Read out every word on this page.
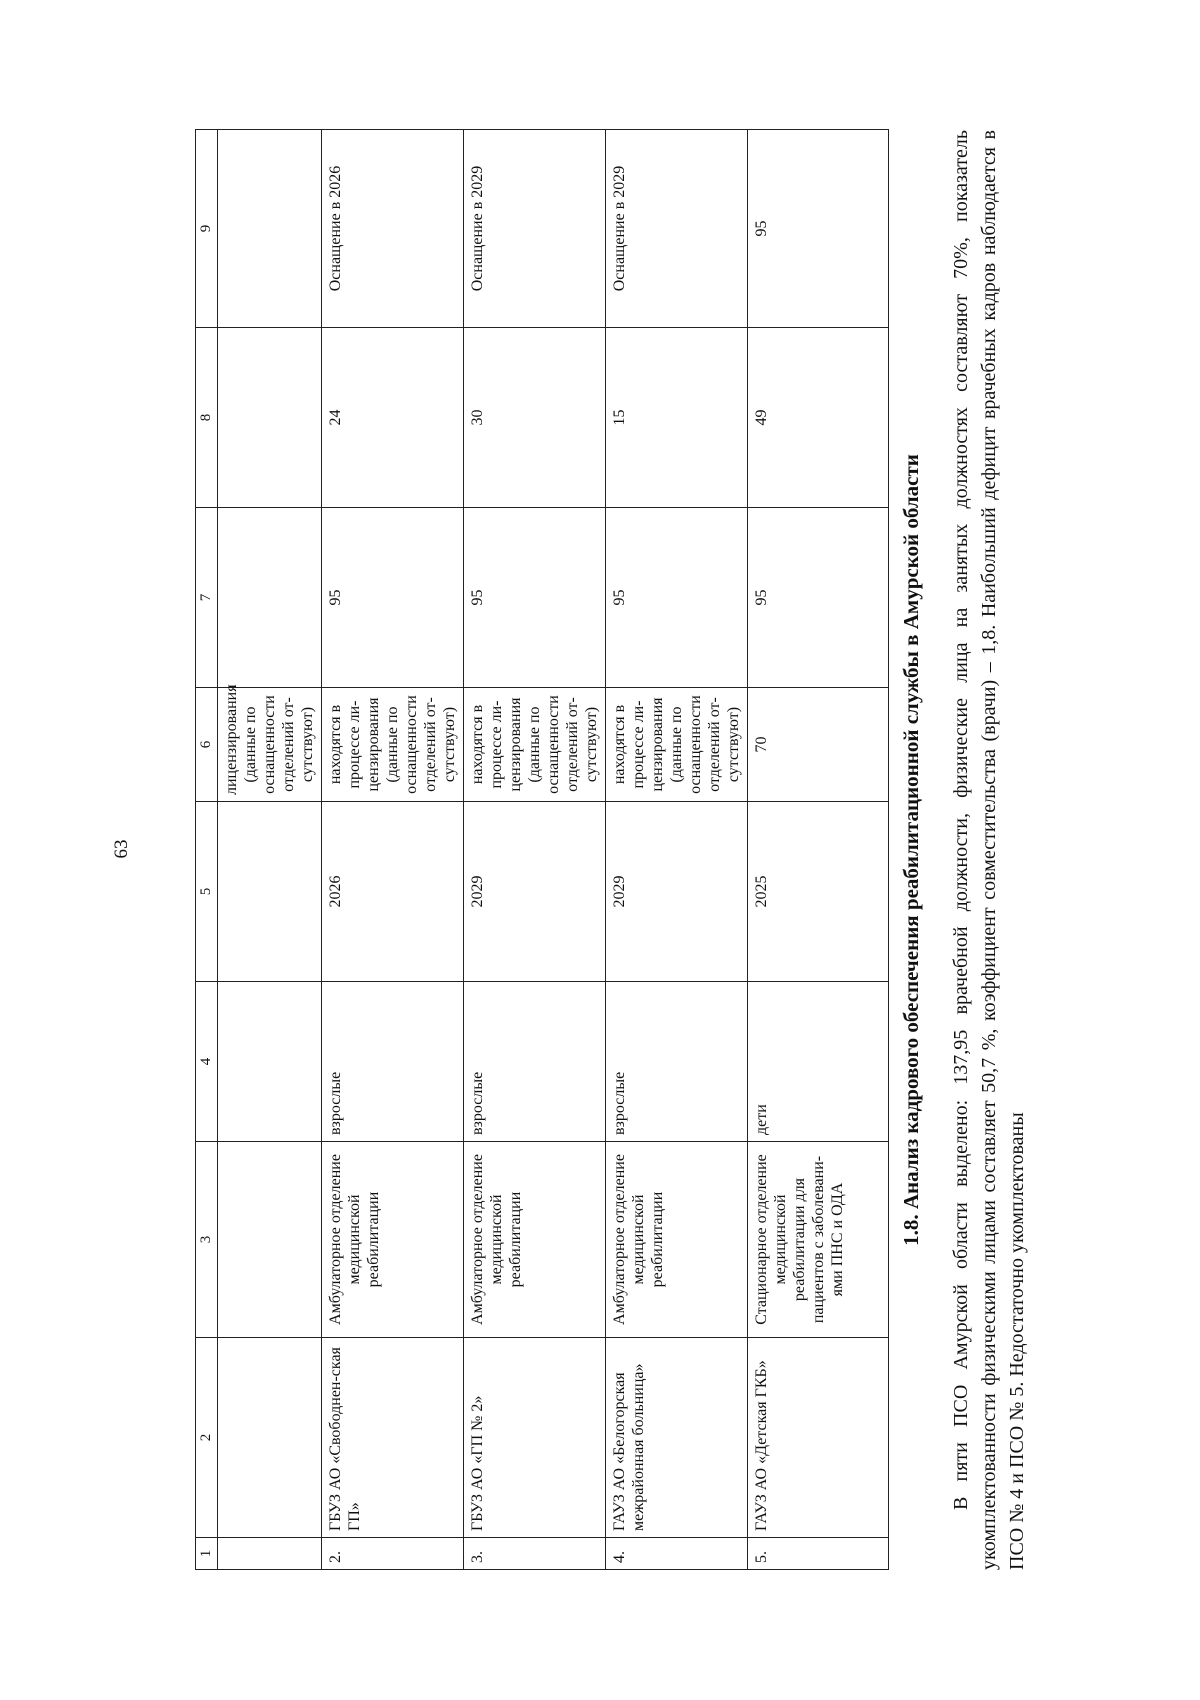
63
1	2	3	4	5	6	7	8	9
					лицензирования (данные по оснащенности отделений от-сутствуют)			
2.	ГБУЗ АО «Свободнен-ская ГП»	Амбулаторное отделение медицинской реабилитации	взрослые	2026	находятся в процессе ли-цензирования (данные по оснащенности отделений от-сутствуют)	95	24	Оснащение в 2026
3.	ГБУЗ АО «ГП № 2»	Амбулаторное отделение медицинской реабилитации	взрослые	2029	находятся в процессе ли-цензирования (данные по оснащенности отделений от-сутствуют)	95	30	Оснащение в 2029
4.	ГАУЗ АО «Белогорская межрайонная больница»	Амбулаторное отделение медицинской реабилитации	взрослые	2029	находятся в процессе ли-цензирования (данные по оснащенности отделений от-сутствуют)	95	15	Оснащение в 2029
5.	ГАУЗ АО «Детская ГКБ»	Стационарное отделение медицинской реабилитации для пациентов с заболевани-ями ПНС и ОДА	дети	2025	70	95	49	95
1.8. Анализ кадрового обеспечения реабилитационной службы в Амурской области В пяти ПСО Амурской области выделено: 137,95 врачебной должности, физические лица на занятых должностях составляют 70%, показатель укомплектованности физическими лицами составляет 50,7 %, коэффициент совместительства (врачи) – 1,8. Наибольший дефицит врачебных кадров наблюдается в ПСО № 4 и ПСО № 5. Недостаточно укомплектованы
